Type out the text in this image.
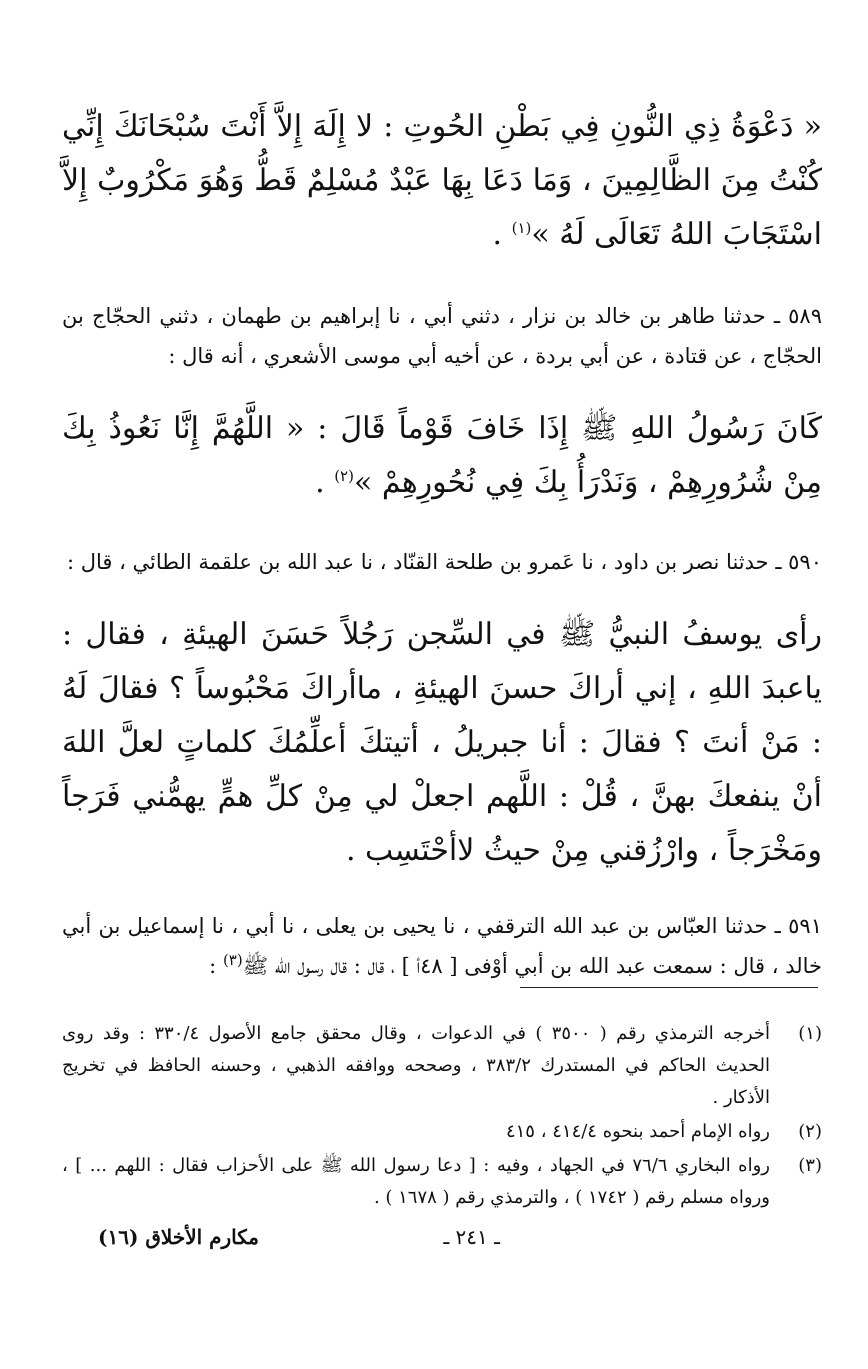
« دَعْوَةُ ذِي النُّونِ فِي بَطْنِ الحُوتِ : لا إِلَهَ إِلاَّ أَنْتَ سُبْحَانَكَ إِنِّي كُنْتُ مِنَ الظَّالِمِينَ ، وَمَا دَعَا بِهَا عَبْدٌ مُسْلِمٌ قَطُّ وَهُوَ مَكْرُوبٌ إِلاَّ اسْتَجَابَ اللهُ تَعَالَى لَهُ »$^{(١)}$ .

٥٨٩ ـ حدثنا طاهر بن خالد بن نزار ، دثني أبي ، نا إبراهيم بن طهمان ، دثني الحجّاج بن الحجّاج ، عن قتادة ، عن أبي بردة ، عن أخيه أبي موسى الأشعري ، أنه قال :

كَانَ رَسُولُ اللهِ ﷺ إِذَا خَافَ قَوْماً قَالَ : « اللَّهُمَّ إِنَّا نَعُوذُ بِكَ مِنْ شُرُورِهِمْ ، وَنَدْرَأُ بِكَ فِي نُحُورِهِمْ »$^{(٢)}$ .

٥٩٠ ـ حدثنا نصر بن داود ، نا عَمرو بن طلحة القنّاد ، نا عبد الله بن علقمة الطائي ، قال :

رأى يوسفُ النبيُّ ﷺ في السِّجن رَجُلاً حَسَنَ الهيئةِ ، فقال : ياعبدَ اللهِ ، إني أراكَ حسنَ الهيئةِ ، ماأراكَ مَحْبُوساً ؟ فقالَ لَهُ : مَنْ أنتَ ؟ فقالَ : أنا جبريلُ ، أتيتكَ أعلِّمُكَ كلماتٍ لعلَّ اللهَ أنْ ينفعكَ بهنَّ ، قُلْ : اللَّهم اجعلْ لي مِنْ كلِّ همٍّ يهمُّني فَرَجاً ومَخْرَجاً ، وارْزُقني مِنْ حيثُ لاأحْتَسِب .

٥٩١ ـ حدثنا العبّاس بن عبد الله الترقفي ، نا يحيى بن يعلى ، نا أبي ، نا إسماعيل بن أبي خالد ، قال : سمعت عبد الله بن أبي أوْفى [ ٤٨أ ] ، قال : قال رسول الله ﷺ$^{(٣)}$ :

(١)
أخرجه الترمذي رقم ( ٣٥٠٠ ) في الدعوات ، وقال محقق جامع الأصول ٣٣٠/٤ : وقد روى الحديث الحاكم في المستدرك ٣٨٣/٢ ، وصححه ووافقه الذهبي ، وحسنه الحافظ في تخريج الأذكار .
(٢)
رواه الإمام أحمد بنحوه ٤١٤/٤ ، ٤١٥
(٣)
رواه البخاري ٧٦/٦ في الجهاد ، وفيه : [ دعا رسول الله ﷺ على الأحزاب فقال : اللهم ... ] ، ورواه مسلم رقم ( ١٧٤٢ ) ، والترمذي رقم ( ١٦٧٨ ) .
ـ ٢٤١ ـ
مكارم الأخلاق (١٦)
